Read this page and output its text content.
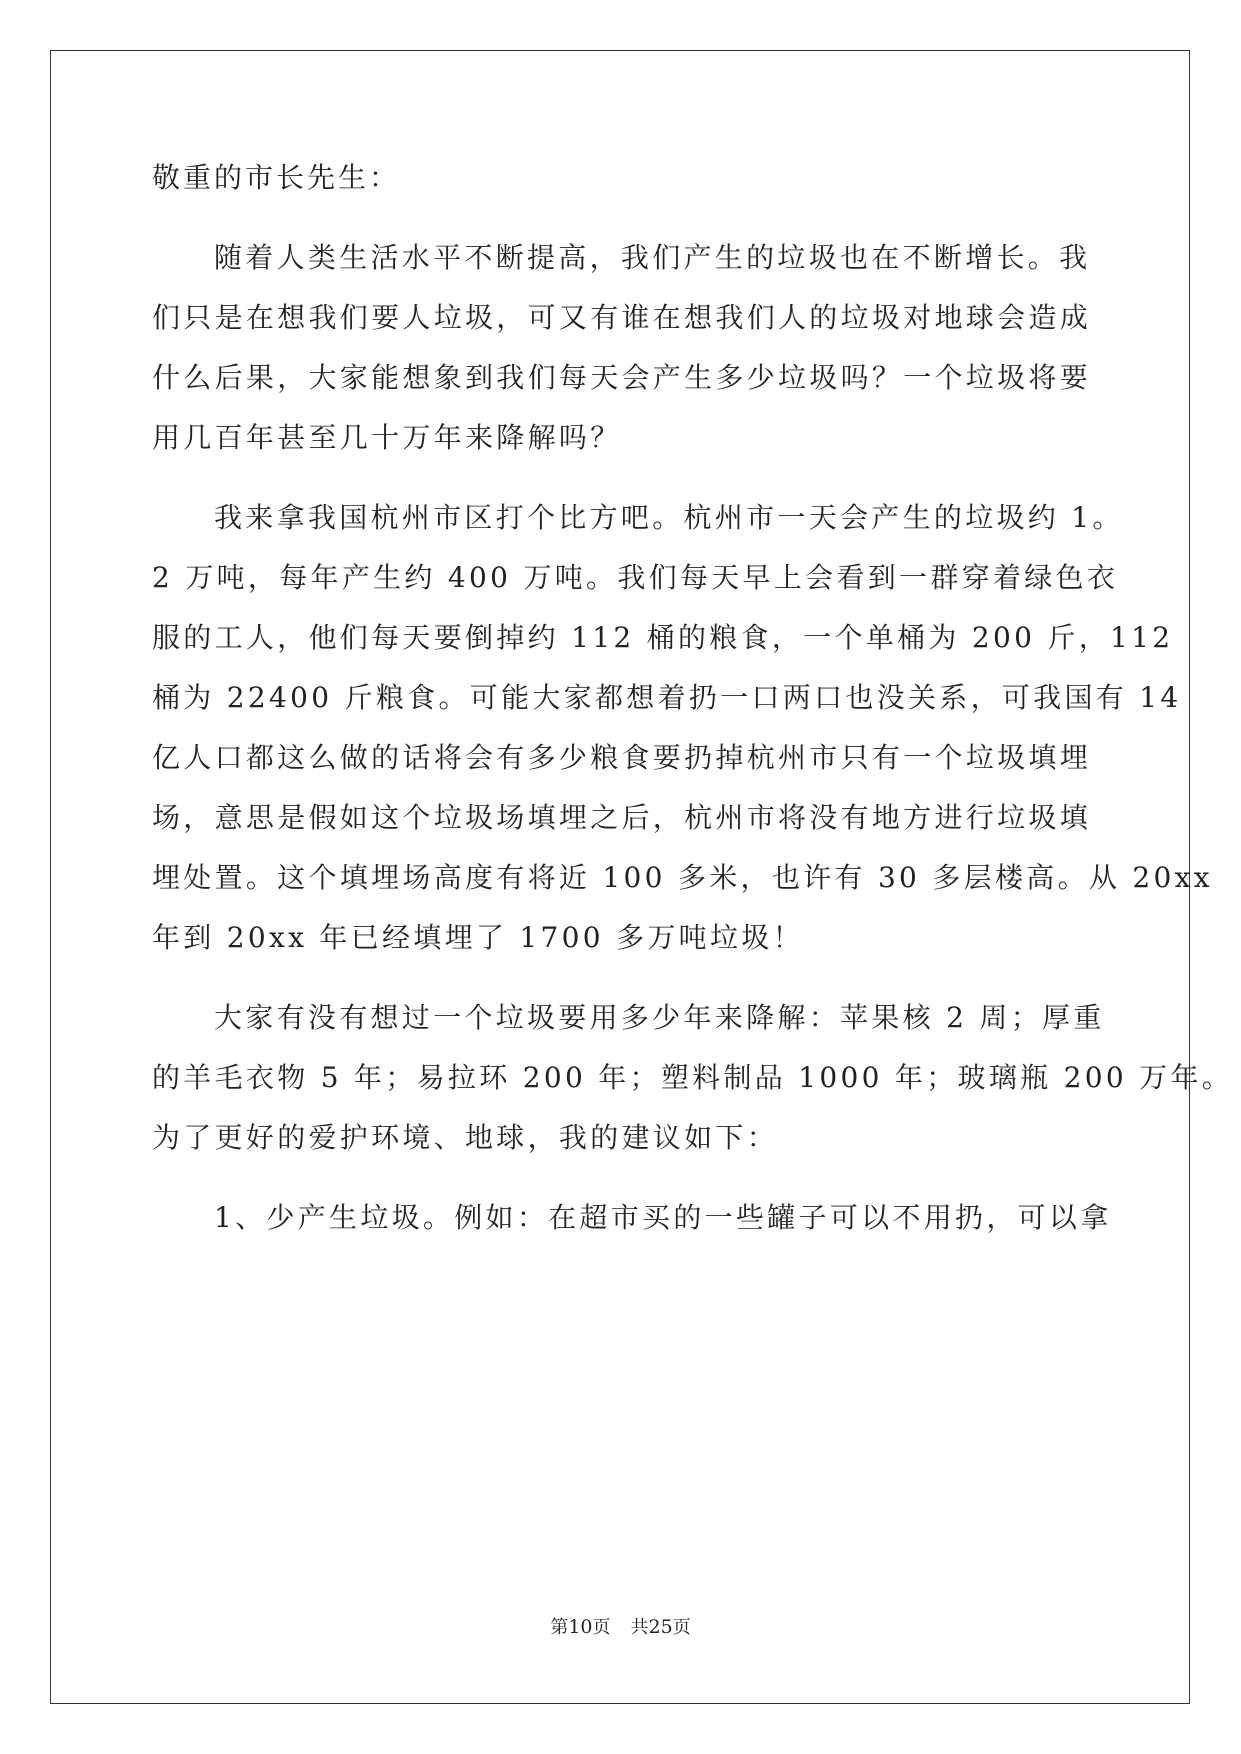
敬重的市长先生：
随着人类生活水平不断提高，我们产生的垃圾也在不断增长。我
们只是在想我们要人垃圾，可又有谁在想我们人的垃圾对地球会造成
什么后果，大家能想象到我们每天会产生多少垃圾吗？一个垃圾将要
用几百年甚至几十万年来降解吗？
我来拿我国杭州市区打个比方吧。杭州市一天会产生的垃圾约 1。
2 万吨，每年产生约 400 万吨。我们每天早上会看到一群穿着绿色衣
服的工人，他们每天要倒掉约 112 桶的粮食，一个单桶为 200 斤，112
桶为 22400 斤粮食。可能大家都想着扔一口两口也没关系，可我国有 14
亿人口都这么做的话将会有多少粮食要扔掉杭州市只有一个垃圾填埋
场，意思是假如这个垃圾场填埋之后，杭州市将没有地方进行垃圾填
埋处置。这个填埋场高度有将近 100 多米，也许有 30 多层楼高。从 20xx
年到 20xx 年已经填埋了 1700 多万吨垃圾！
大家有没有想过一个垃圾要用多少年来降解：苹果核 2 周；厚重
的羊毛衣物 5 年；易拉环 200 年；塑料制品 1000 年；玻璃瓶 200 万年。
为了更好的爱护环境、地球，我的建议如下：
1、少产生垃圾。例如：在超市买的一些罐子可以不用扔，可以拿
第10页 共25页
